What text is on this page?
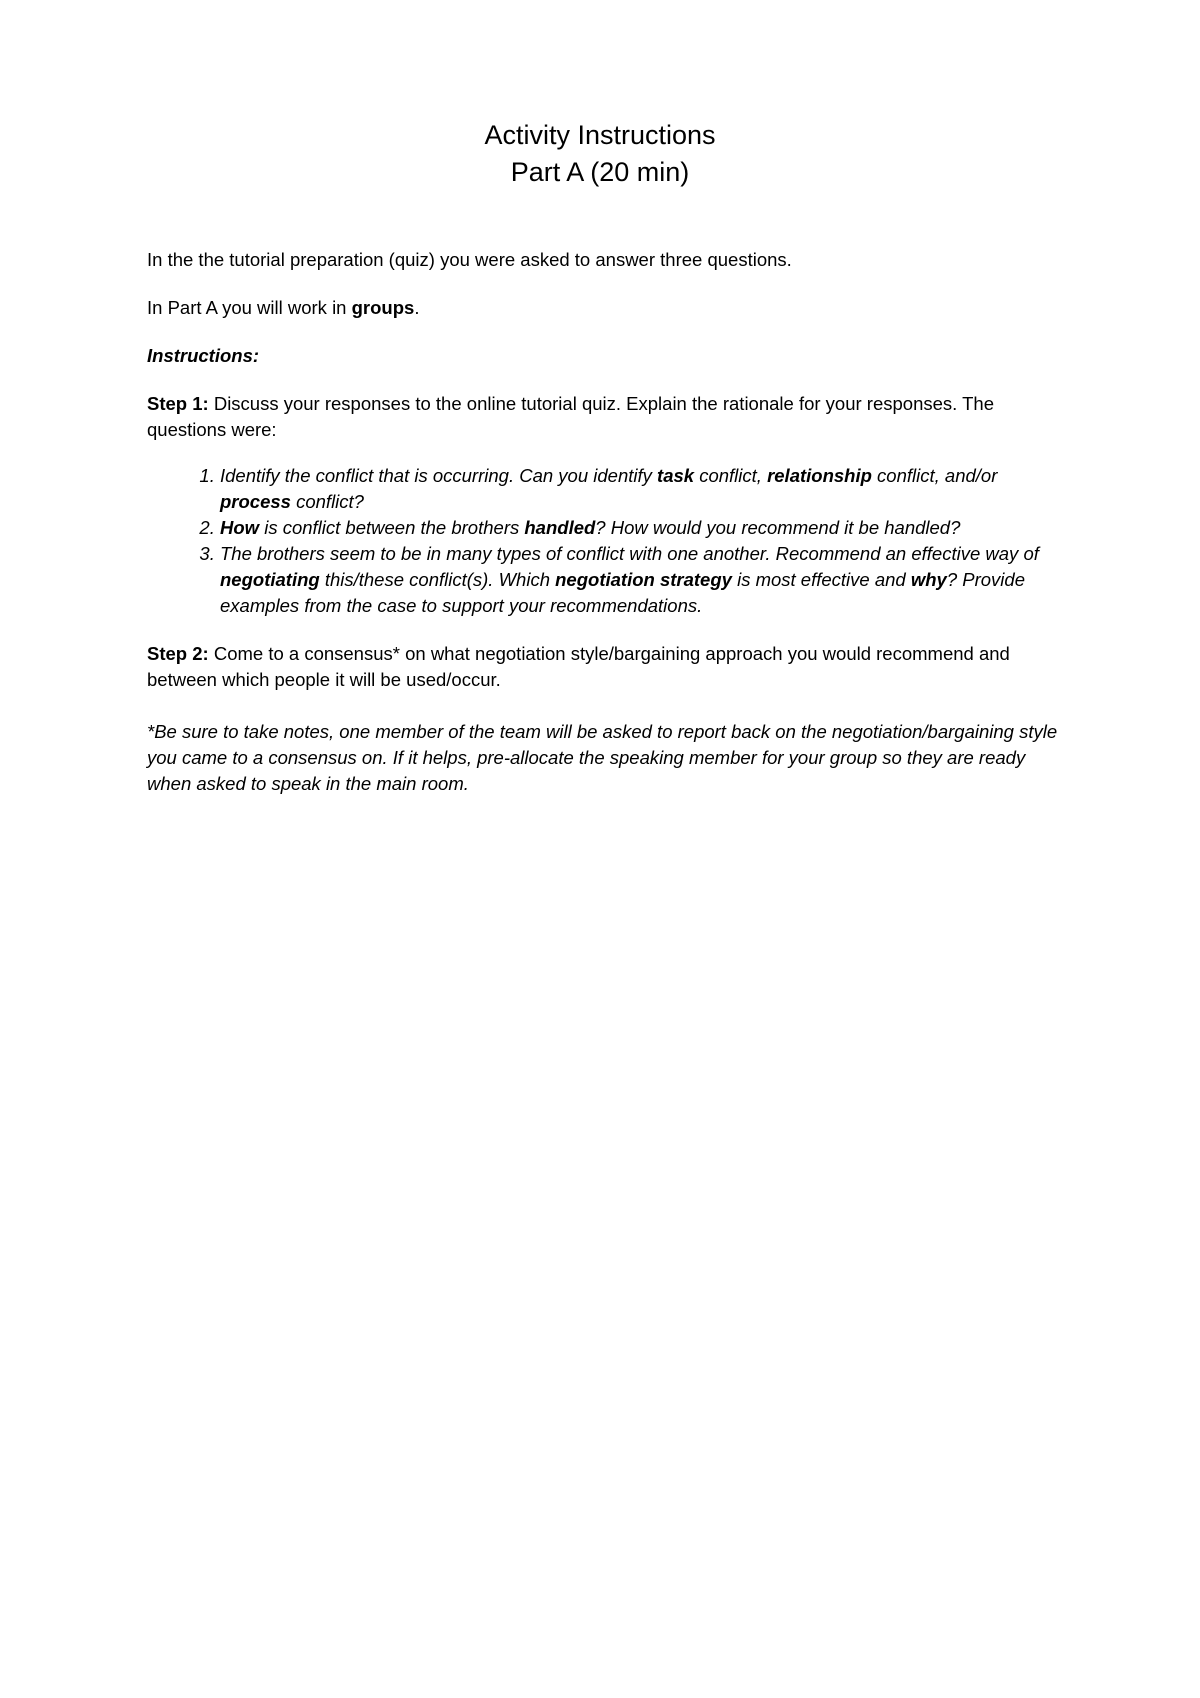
Activity Instructions
Part A (20 min)

In the the tutorial preparation (quiz) you were asked to answer three questions.

In Part A you will work in groups.

Instructions:

Step 1: Discuss your responses to the online tutorial quiz. Explain the rationale for your responses. The questions were:

1. Identify the conflict that is occurring. Can you identify task conflict, relationship conflict, and/or process conflict?
2. How is conflict between the brothers handled? How would you recommend it be handled?
3. The brothers seem to be in many types of conflict with one another. Recommend an effective way of negotiating this/these conflict(s). Which negotiation strategy is most effective and why? Provide examples from the case to support your recommendations.

Step 2: Come to a consensus* on what negotiation style/bargaining approach you would recommend and between which people it will be used/occur.

*Be sure to take notes, one member of the team will be asked to report back on the negotiation/bargaining style you came to a consensus on. If it helps, pre-allocate the speaking member for your group so they are ready when asked to speak in the main room.
